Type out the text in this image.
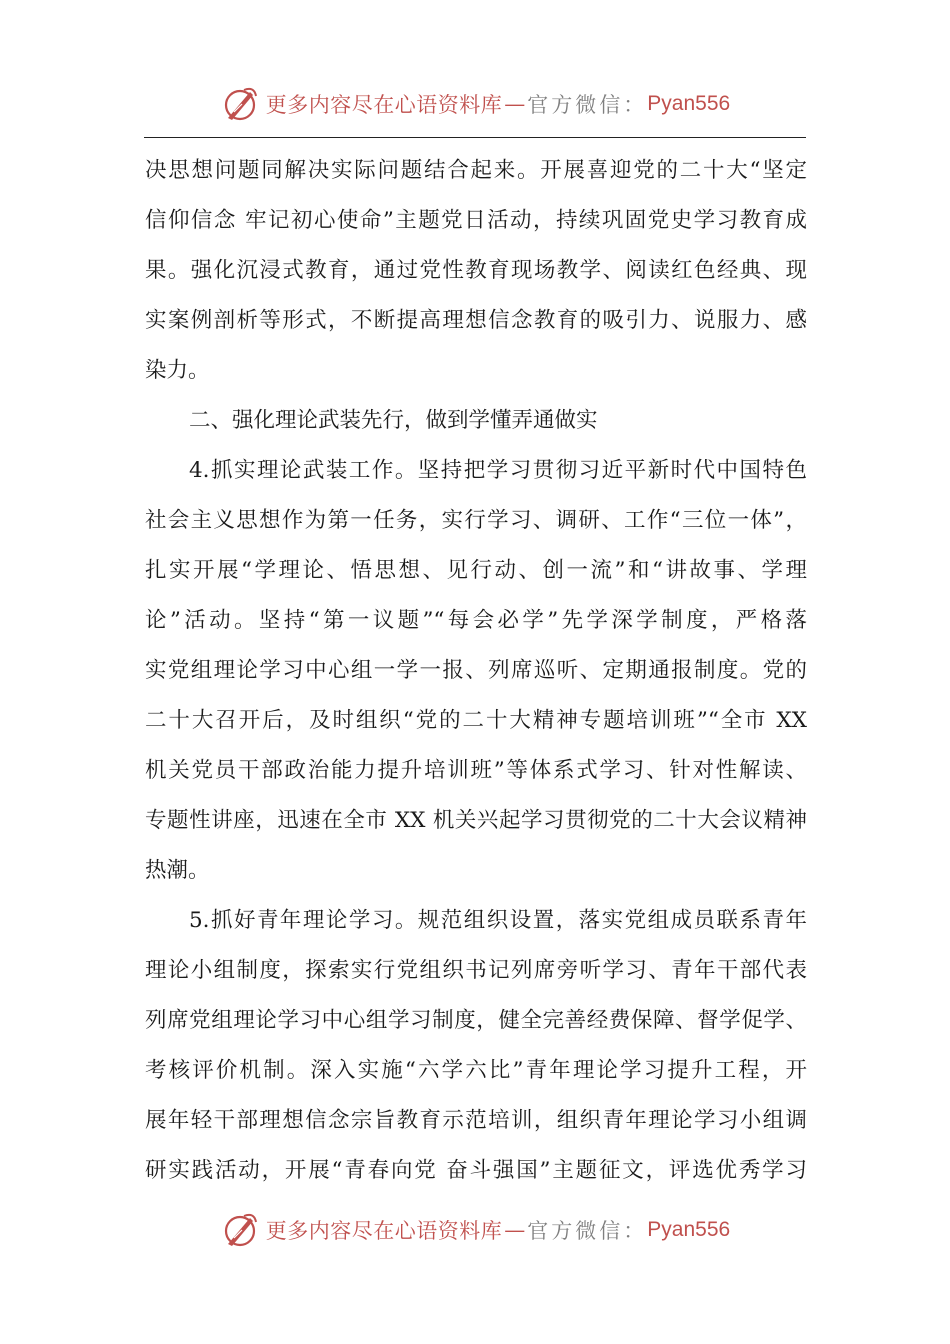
更多内容尽在心语资料库 — 官方微信： Pyan556
决思想问题同解决实际问题结合起来。开展喜迎党的二十大“坚定
信仰信念 牢记初心使命”主题党日活动，持续巩固党史学习教育成
果。强化沉浸式教育，通过党性教育现场教学、阅读红色经典、现
实案例剖析等形式，不断提高理想信念教育的吸引力、说服力、感
染力。
二、强化理论武装先行，做到学懂弄通做实
4.抓实理论武装工作。坚持把学习贯彻习近平新时代中国特色
社会主义思想作为第一任务，实行学习、调研、工作“三位一体”，
扎实开展“学理论、悟思想、见行动、创一流”和“讲故事、学理
论”活动。坚持“第一议题”“每会必学”先学深学制度，严格落
实党组理论学习中心组一学一报、列席巡听、定期通报制度。党的
二十大召开后，及时组织“党的二十大精神专题培训班”“全市 XX
机关党员干部政治能力提升培训班”等体系式学习、针对性解读、
专题性讲座，迅速在全市 XX 机关兴起学习贯彻党的二十大会议精神
热潮。
5.抓好青年理论学习。规范组织设置，落实党组成员联系青年
理论小组制度，探索实行党组织书记列席旁听学习、青年干部代表
列席党组理论学习中心组学习制度，健全完善经费保障、督学促学、
考核评价机制。深入实施“六学六比”青年理论学习提升工程，开
展年轻干部理想信念宗旨教育示范培训，组织青年理论学习小组调
研实践活动，开展“青春向党 奋斗强国”主题征文，评选优秀学习
更多内容尽在心语资料库 — 官方微信： Pyan556
